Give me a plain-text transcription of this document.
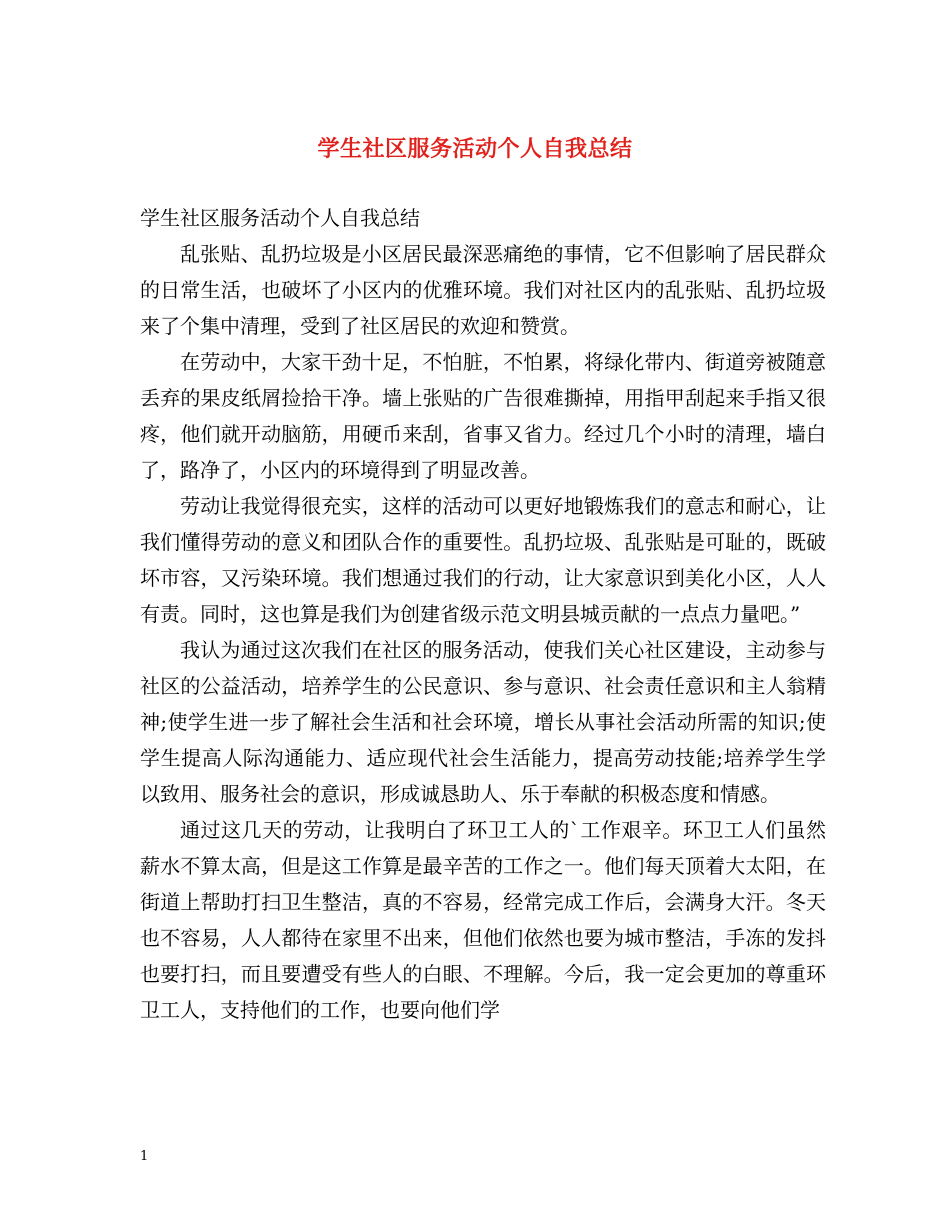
学生社区服务活动个人自我总结

学生社区服务活动个人自我总结

乱张贴、乱扔垃圾是小区居民最深恶痛绝的事情，它不但影响了居民群众的日常生活，也破坏了小区内的优雅环境。我们对社区内的乱张贴、乱扔垃圾来了个集中清理，受到了社区居民的欢迎和赞赏。

在劳动中，大家干劲十足，不怕脏，不怕累，将绿化带内、街道旁被随意丢弃的果皮纸屑捡拾干净。墙上张贴的广告很难撕掉，用指甲刮起来手指又很疼，他们就开动脑筋，用硬币来刮，省事又省力。经过几个小时的清理，墙白了，路净了，小区内的环境得到了明显改善。

劳动让我觉得很充实，这样的活动可以更好地锻炼我们的意志和耐心，让我们懂得劳动的意义和团队合作的重要性。乱扔垃圾、乱张贴是可耻的，既破坏市容，又污染环境。我们想通过我们的行动，让大家意识到美化小区，人人有责。同时，这也算是我们为创建省级示范文明县城贡献的一点点力量吧。”

我认为通过这次我们在社区的服务活动，使我们关心社区建设，主动参与社区的公益活动，培养学生的公民意识、参与意识、社会责任意识和主人翁精神;使学生进一步了解社会生活和社会环境，增长从事社会活动所需的知识;使学生提高人际沟通能力、适应现代社会生活能力，提高劳动技能;培养学生学以致用、服务社会的意识，形成诚恳助人、乐于奉献的积极态度和情感。

通过这几天的劳动，让我明白了环卫工人的`工作艰辛。环卫工人们虽然薪水不算太高，但是这工作算是最辛苦的工作之一。他们每天顶着大太阳，在街道上帮助打扫卫生整洁，真的不容易，经常完成工作后，会满身大汗。冬天也不容易，人人都待在家里不出来，但他们依然也要为城市整洁，手冻的发抖也要打扫，而且要遭受有些人的白眼、不理解。今后，我一定会更加的尊重环卫工人，支持他们的工作，也要向他们学

1
